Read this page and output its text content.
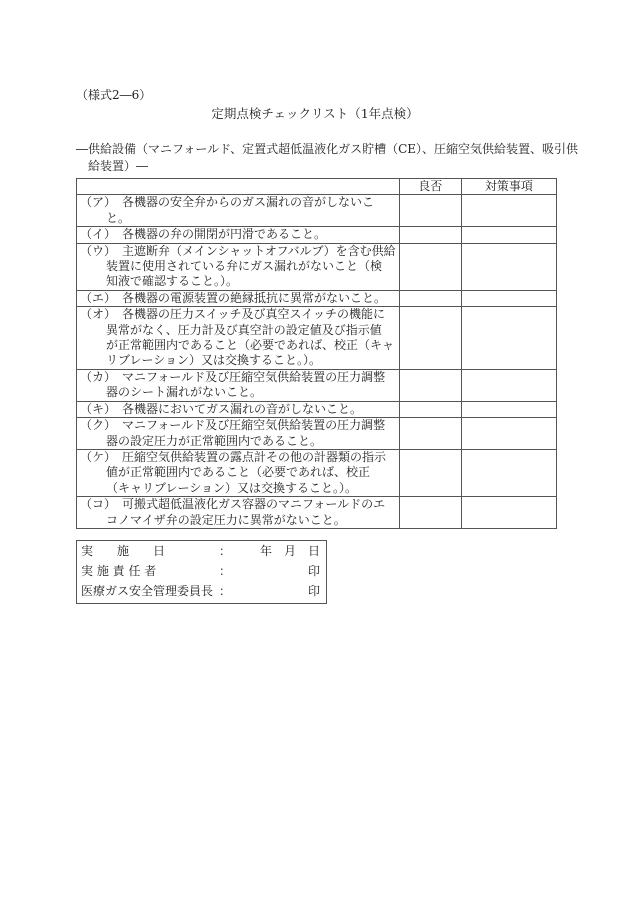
（様式2―6）
定期点検チェックリスト（1年点検）
―供給設備（マニフォールド、定置式超低温液化ガス貯槽（CE）、圧縮空気供給装置、吸引供
給装置）―
	良否	対策事項

（ア）　各機器の安全弁からのガス漏れの音がしないこ
と。		

（イ）　各機器の弁の開閉が円滑であること。		

（ウ）　主遮断弁（メインシャットオフバルブ）を含む供給
装置に使用されている弁にガス漏れがないこと（検
知液で確認すること。）。		

（エ）　各機器の電源装置の絶縁抵抗に異常がないこと。		

（オ）　各機器の圧力スイッチ及び真空スイッチの機能に
異常がなく、圧力計及び真空計の設定値及び指示値
が正常範囲内であること（必要であれば、校正（キャ
リブレーション）又は交換すること。）。		

（カ）　マニフォールド及び圧縮空気供給装置の圧力調整
器のシート漏れがないこと。		

（キ）　各機器においてガス漏れの音がしないこと。		

（ク）　マニフォールド及び圧縮空気供給装置の圧力調整
器の設定圧力が正常範囲内であること。		

（ケ）　圧縮空気供給装置の露点計その他の計器類の指示
値が正常範囲内であること（必要であれば、校正
（キャリブレーション）又は交換すること。）。		

（コ）　可搬式超低温液化ガス容器のマニフォールドのエ
コノマイザ弁の設定圧力に異常がないこと。		

実　　施　　日	： 年　月　日
実 施 責 任 者	：	印
医療ガス安全管理委員長 ：	印
